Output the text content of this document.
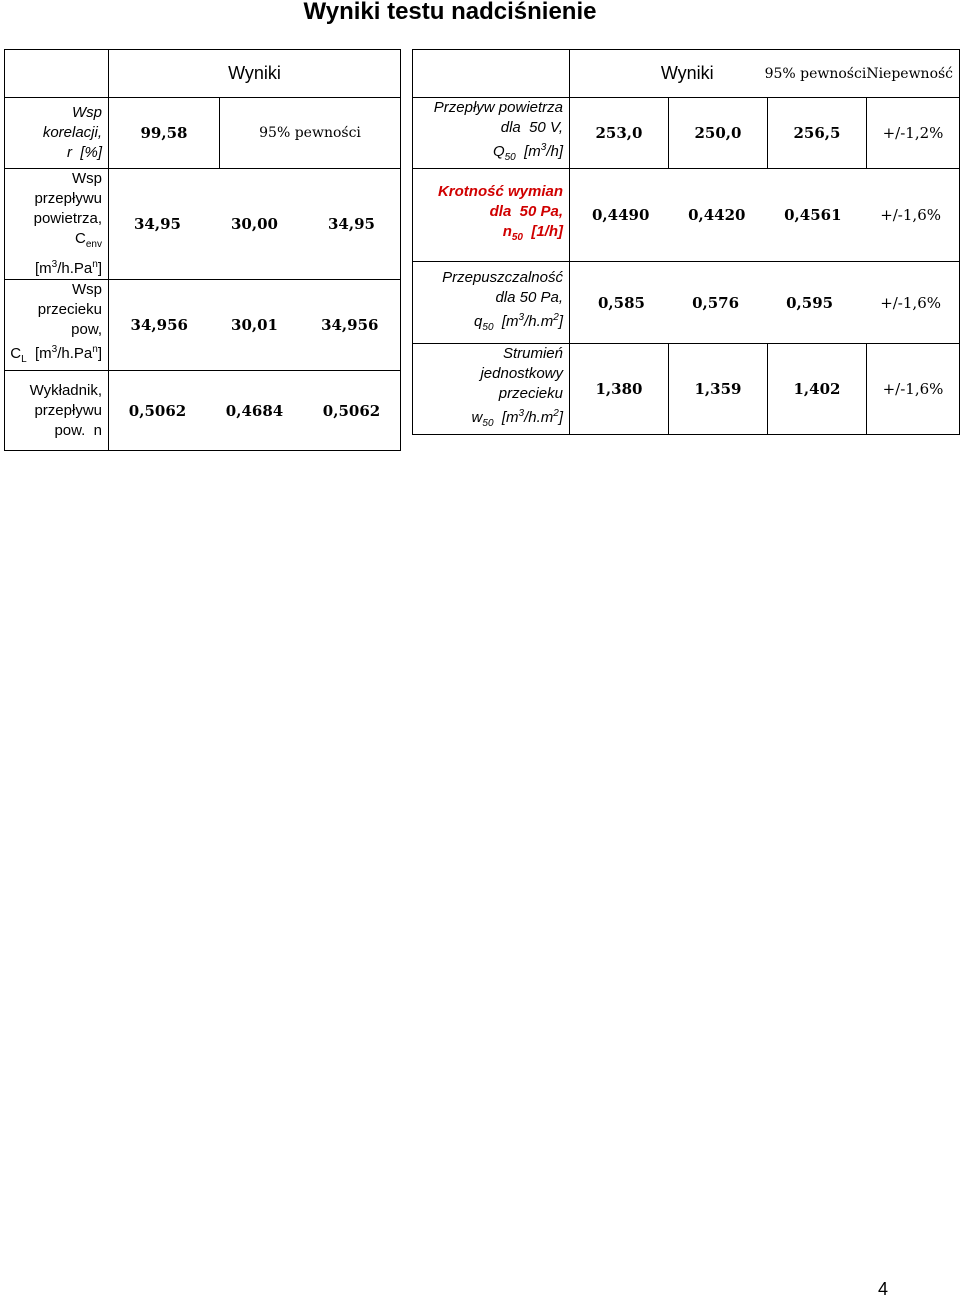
Wyniki testu nadciśnienie
	Wyniki	
Wsp
korelacji,
r  [%]	99,58	95% pewności
Wsp
przepływu
powietrza,
$C_{env}$
$[m^3/h.Pa^n]$	34,95 30,00 34,95	

Wsp
przecieku
pow,
$C_L$  $[m^3/h.Pa^n]$	34,956 30,01 34,956	

Wykładnik,
przepływu
pow.  n	0,5062 0,4684 0,5062	

	Wyniki 95% pewności Niepewność			

Przepływ powietrza
dla  50 V,
$Q_{50}$  $[m^3/h]$	253,0	250,0	256,5	+/-1,2%
Krotność wymian
dla  50 Pa,
$n_{50}$  [1/h]	0,4490 0,4420 0,4561 +/-1,6%			

Przepuszczalność
dla 50 Pa,
$q_{50}$  $[m^3/h.m^2]$	0,585 0,576 0,595 +/-1,6%			

Strumień
jednostkowy
przecieku
$w_{50}$  $[m^3/h.m^2]$	1,380	1,359	1,402	+/-1,6%
4
